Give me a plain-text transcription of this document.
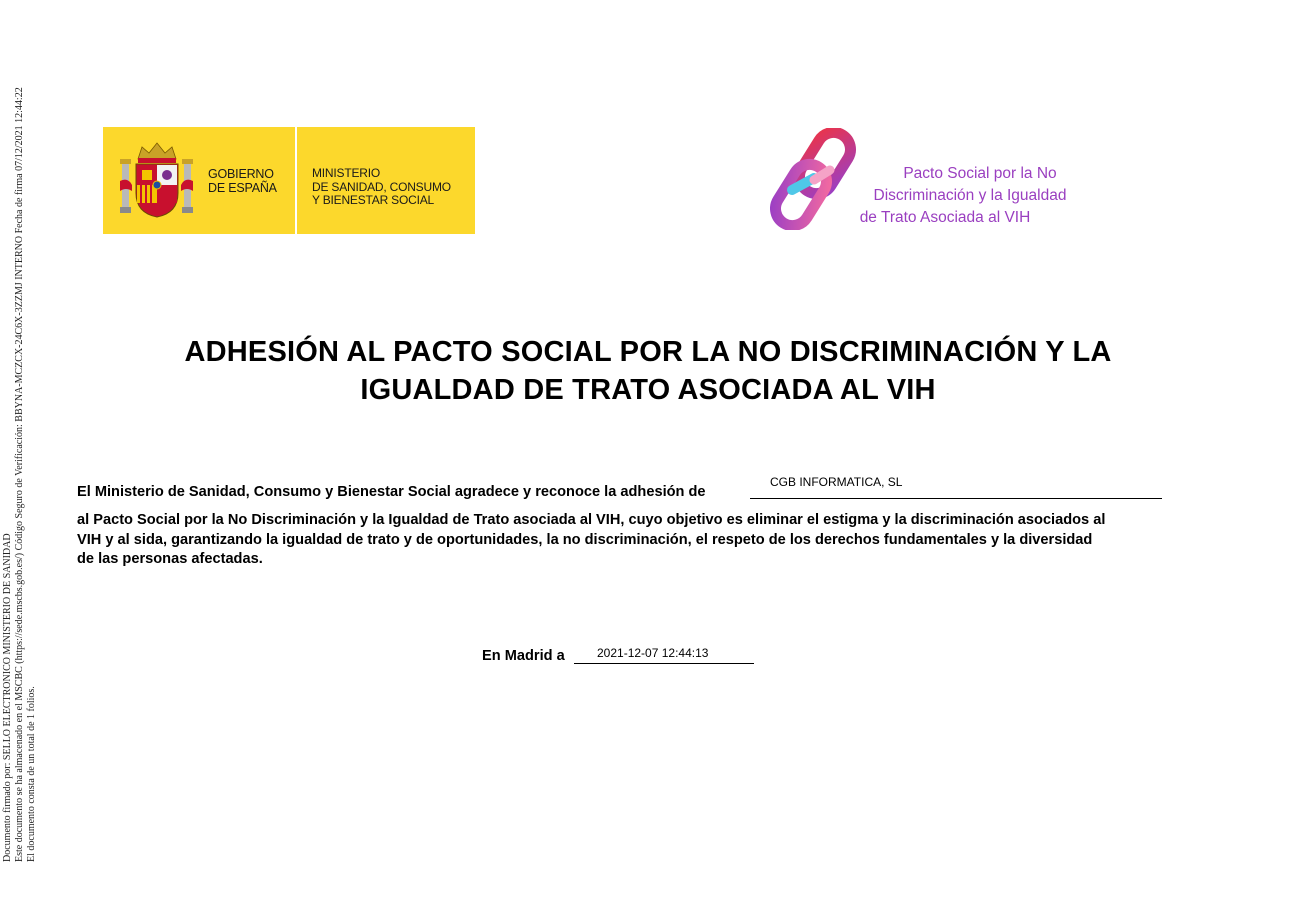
Documento firmado por: SELLO ELECTRONICO MINISTERIO DE SANIDAD Este documento se ha almacenado en el MSCBC (https://sede.mscbs.gob.es/) Código Seguro de Verificación: BBYNA-MCZCX-24C6X-3ZZMJ INTERNO Fecha de firma 07/12/2021 12:44:22 El documento consta de un total de 1 folios.
GOBIERNO
DE ESPAÑA
MINISTERIO
DE SANIDAD, CONSUMO
Y BIENESTAR SOCIAL
Pacto Social por la No
Discriminación y la Igualdad
de Trato Asociada al VIH
ADHESIÓN AL PACTO SOCIAL POR LA NO DISCRIMINACIÓN Y LA
IGUALDAD DE TRATO ASOCIADA AL VIH
El Ministerio de Sanidad, Consumo y Bienestar Social agradece y reconoce la adhesión de
CGB INFORMATICA, SL
al Pacto Social por la No Discriminación y la Igualdad de Trato asociada al VIH, cuyo objetivo es eliminar el estigma y la discriminación asociados al
VIH y al sida, garantizando la igualdad de trato y de oportunidades, la no discriminación, el respeto de los derechos fundamentales y la diversidad
de las personas afectadas.
En Madrid a	2021-12-07 12:44:13
